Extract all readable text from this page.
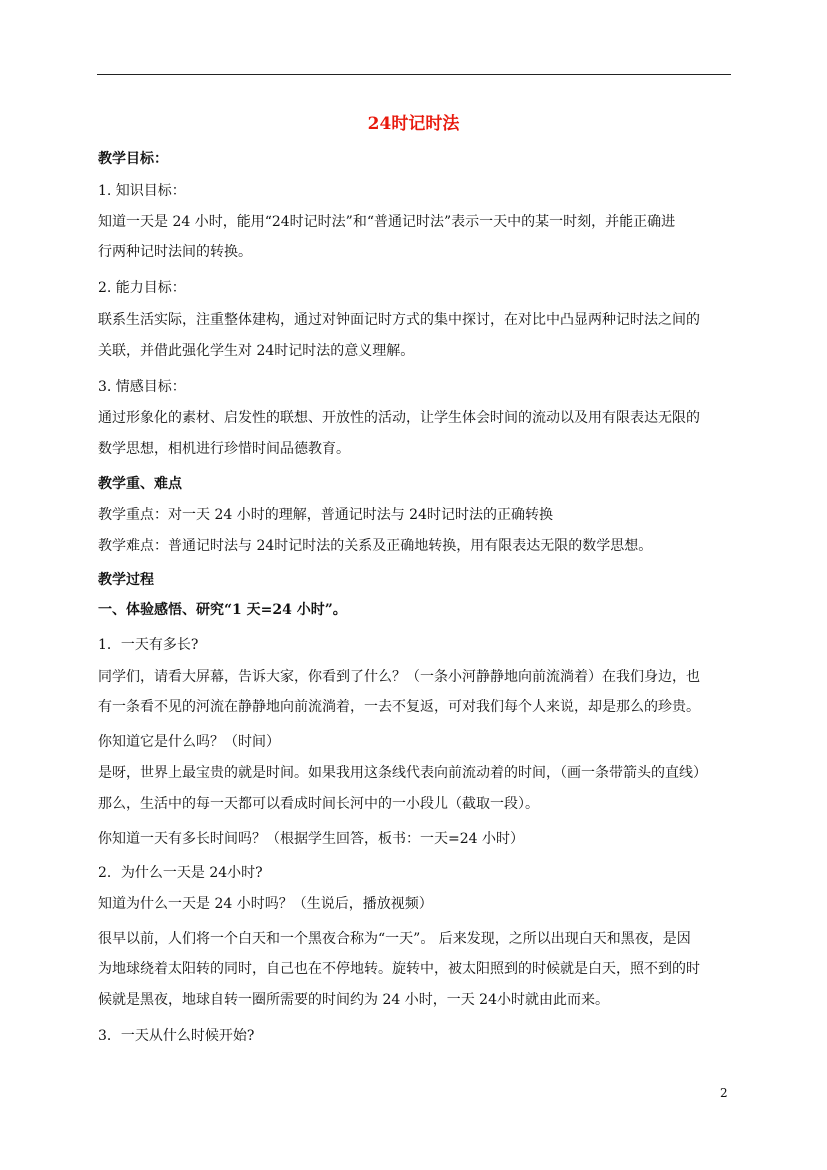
24时记时法
教学目标：
1. 知识目标：
知道一天是 24 小时，能用“24时记时法”和“普通记时法”表示一天中的某一时刻，并能正确进
行两种记时法间的转换。
2. 能力目标：
联系生活实际，注重整体建构，通过对钟面记时方式的集中探讨，在对比中凸显两种记时法之间的
关联，并借此强化学生对 24时记时法的意义理解。
3. 情感目标：
通过形象化的素材、启发性的联想、开放性的活动，让学生体会时间的流动以及用有限表达无限的
数学思想，相机进行珍惜时间品德教育。
教学重、难点
教学重点：对一天 24 小时的理解，普通记时法与 24时记时法的正确转换
教学难点：普通记时法与 24时记时法的关系及正确地转换，用有限表达无限的数学思想。
教学过程
一、体验感悟、研究“1 天=24 小时”。
1．一天有多长?
同学们，请看大屏幕，告诉大家，你看到了什么？（一条小河静静地向前流淌着）在我们身边，也
有一条看不见的河流在静静地向前流淌着，一去不复返，可对我们每个人来说，却是那么的珍贵。
你知道它是什么吗？（时间）
是呀，世界上最宝贵的就是时间。如果我用这条线代表向前流动着的时间，（画一条带箭头的直线）
那么，生活中的每一天都可以看成时间长河中的一小段儿（截取一段）。
你知道一天有多长时间吗？（根据学生回答，板书：一天=24 小时）
2．为什么一天是 24小时?
知道为什么一天是 24 小时吗？（生说后，播放视频）
很早以前，人们将一个白天和一个黑夜合称为“一天”。 后来发现，之所以出现白天和黑夜，是因
为地球绕着太阳转的同时，自己也在不停地转。旋转中，被太阳照到的时候就是白天，照不到的时
候就是黑夜，地球自转一圈所需要的时间约为 24 小时，一天 24小时就由此而来。
3．一天从什么时候开始?
2
